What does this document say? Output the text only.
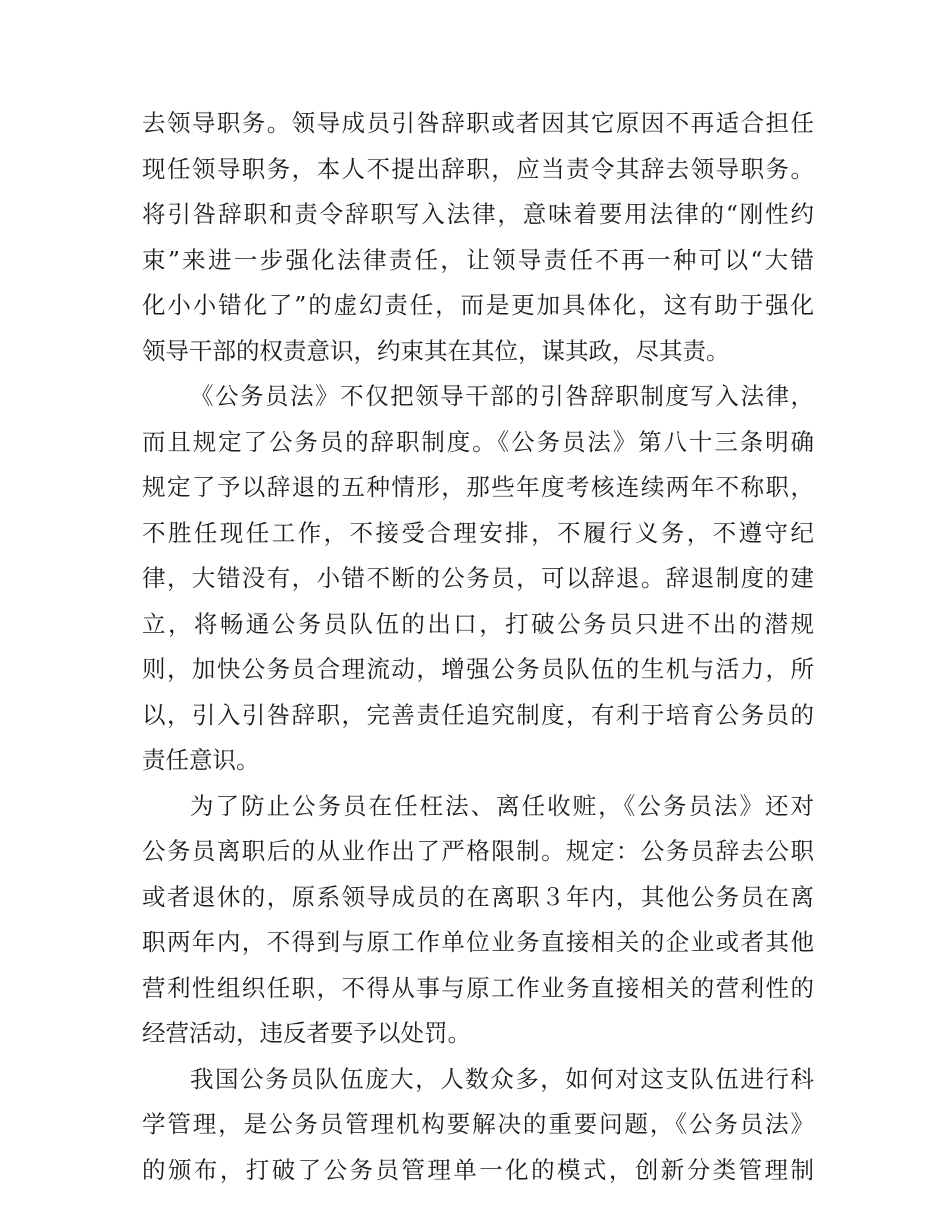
去领导职务。领导成员引咎辞职或者因其它原因不再适合担任
现任领导职务，本人不提出辞职，应当责令其辞去领导职务。
将引咎辞职和责令辞职写入法律，意味着要用法律的“刚性约
束”来进一步强化法律责任，让领导责任不再一种可以“大错
化小小错化了”的虚幻责任，而是更加具体化，这有助于强化
领导干部的权责意识，约束其在其位，谋其政，尽其责。
《公务员法》不仅把领导干部的引咎辞职制度写入法律，
而且规定了公务员的辞职制度。《公务员法》第八十三条明确
规定了予以辞退的五种情形，那些年度考核连续两年不称职，
不胜任现任工作，不接受合理安排，不履行义务，不遵守纪
律，大错没有，小错不断的公务员，可以辞退。辞退制度的建
立，将畅通公务员队伍的出口，打破公务员只进不出的潜规
则，加快公务员合理流动，增强公务员队伍的生机与活力，所
以，引入引咎辞职，完善责任追究制度，有利于培育公务员的
责任意识。
为了防止公务员在任枉法、离任收赃，《公务员法》还对
公务员离职后的从业作出了严格限制。规定：公务员辞去公职
或者退休的，原系领导成员的在离职３年内，其他公务员在离
职两年内，不得到与原工作单位业务直接相关的企业或者其他
营利性组织任职，不得从事与原工作业务直接相关的营利性的
经营活动，违反者要予以处罚。
我国公务员队伍庞大，人数众多，如何对这支队伍进行科
学管理，是公务员管理机构要解决的重要问题，《公务员法》
的颁布，打破了公务员管理单一化的模式，创新分类管理制
